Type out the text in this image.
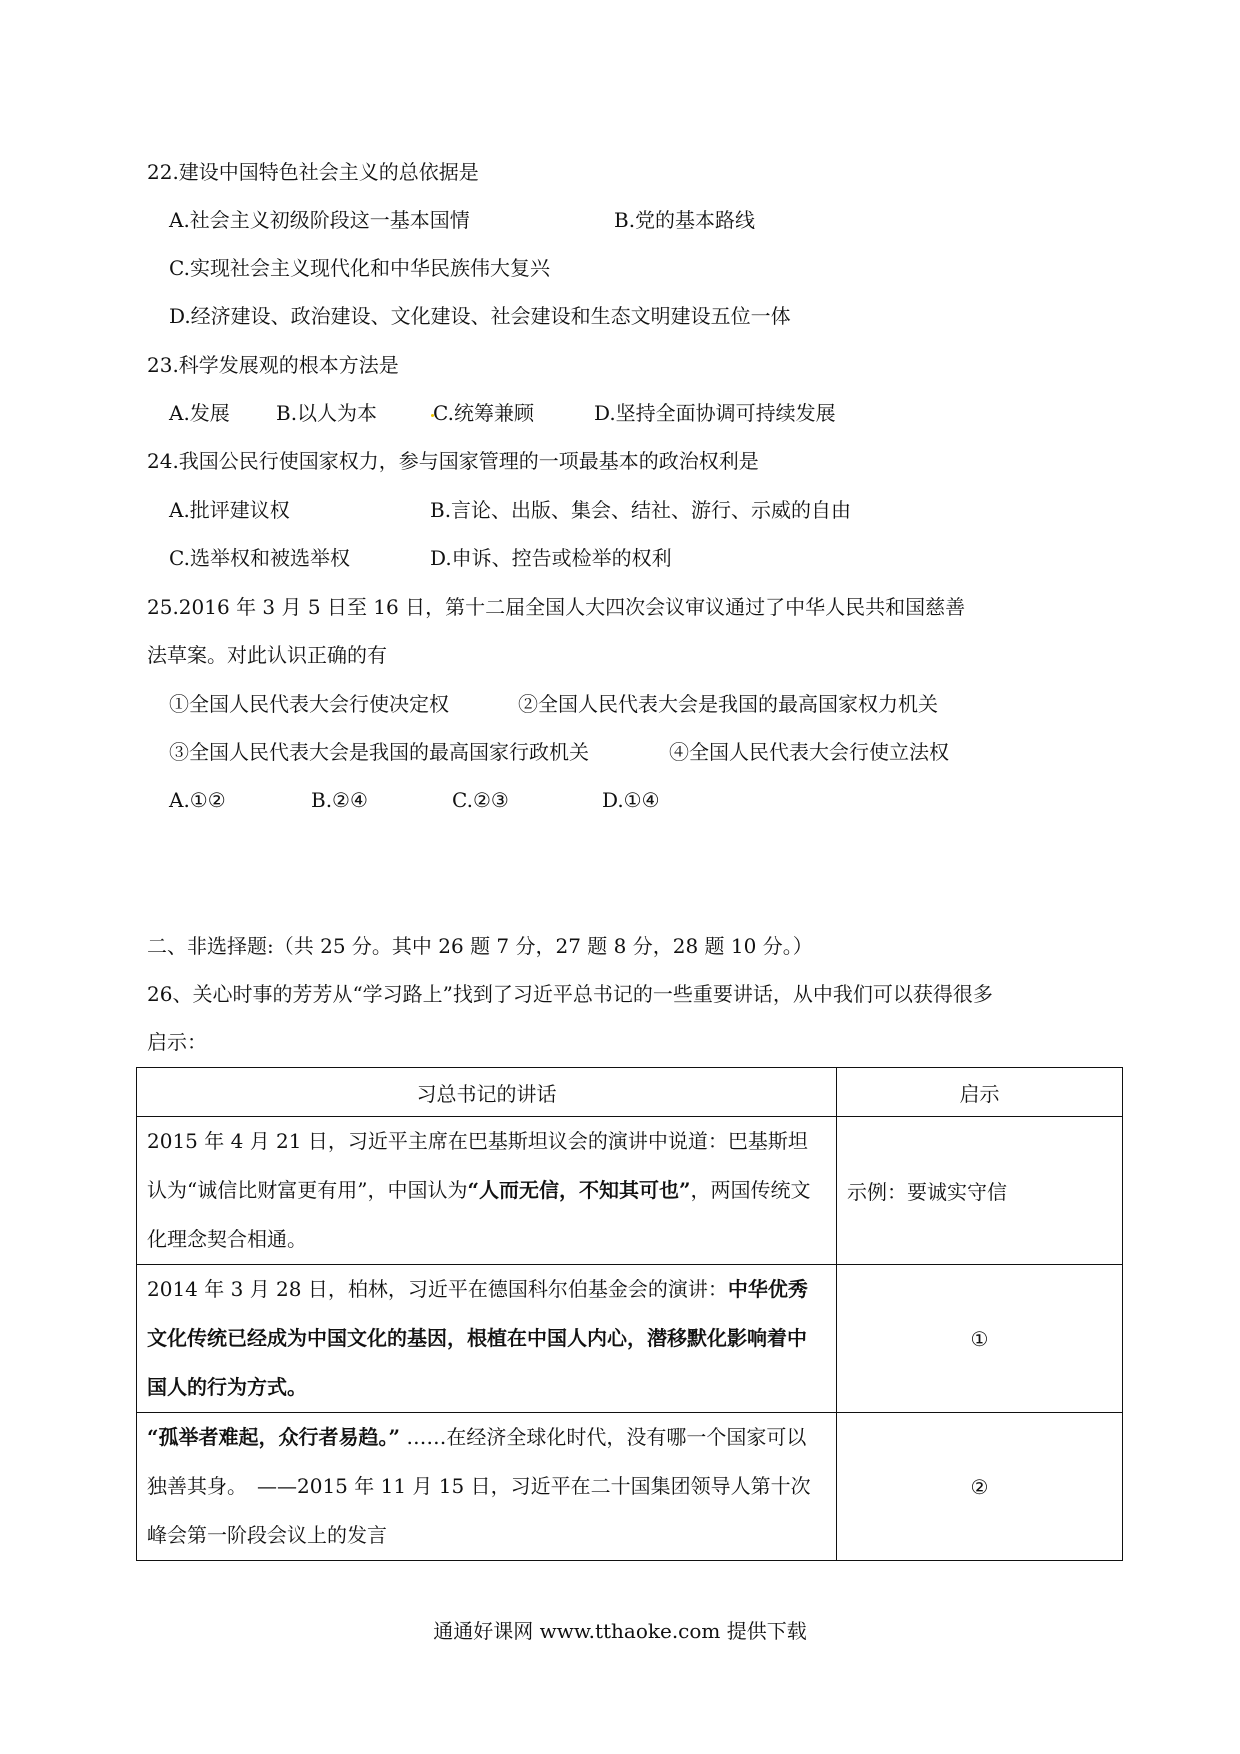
22.建设中国特色社会主义的总依据是
A.社会主义初级阶段这一基本国情	B.党的基本路线
C.实现社会主义现代化和中华民族伟大复兴
D.经济建设、政治建设、文化建设、社会建设和生态文明建设五位一体
23.科学发展观的根本方法是
A.发展 B.以人为本	C.统筹兼顾	D.坚持全面协调可持续发展
24.我国公民行使国家权力，参与国家管理的一项最基本的政治权利是
A.批评建议权	B.言论、出版、集会、结社、游行、示威的自由
C.选举权和被选举权	D.申诉、控告或检举的权利
25.2016 年 3 月 5 日至 16 日，第十二届全国人大四次会议审议通过了中华人民共和国慈善
法草案。对此认识正确的有
①全国人民代表大会行使决定权	②全国人民代表大会是我国的最高国家权力机关
③全国人民代表大会是我国的最高国家行政机关	④全国人民代表大会行使立法权
A.①②	B.②④	C.②③	D.①④
二、非选择题:（共 25 分。其中 26 题 7 分，27 题 8 分，28 题 10 分。）
26、关心时事的芳芳从“学习路上”找到了习近平总书记的一些重要讲话，从中我们可以获得很多
启示：
习总书记的讲话	启示
2015 年 4 月 21 日，习近平主席在巴基斯坦议会的演讲中说道：巴基斯坦认为“诚信比财富更有用”，中国认为“人而无信，不知其可也”，两国传统文化理念契合相通。	示例：要诚实守信
2014 年 3 月 28 日，柏林，习近平在德国科尔伯基金会的演讲：中华优秀文化传统已经成为中国文化的基因，根植在中国人内心，潜移默化影响着中国人的行为方式。	①
“孤举者难起，众行者易趋。” ……在经济全球化时代，没有哪一个国家可以独善其身。　——2015 年 11 月 15 日，习近平在二十国集团领导人第十次峰会第一阶段会议上的发言	②
通通好课网 www.tthaoke.com 提供下载
